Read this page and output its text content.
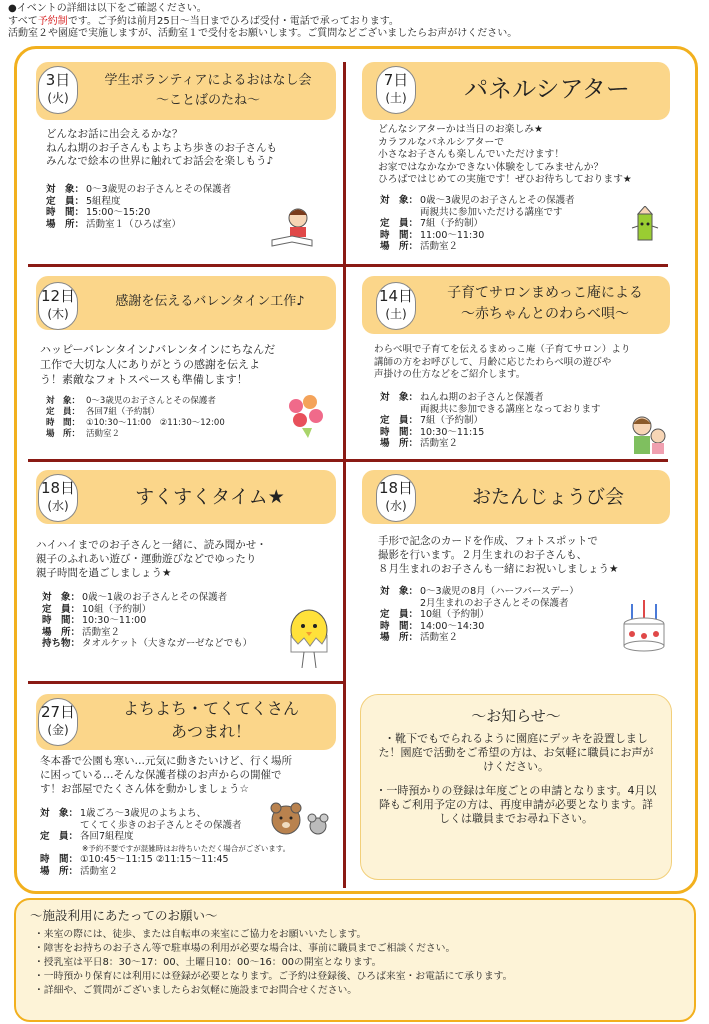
●イベントの詳細は以下をご確認ください。
すべて予約制です。ご予約は前月25日～当日までひろば受付・電話で承っております。
活動室２や園庭で実施しますが、活動室１で受付をお願いします。ご質問などございましたらお声がけください。
3日
(火)
学生ボランティアによるおはなし会
～ことばのたね～
どんなお話に出会えるかな？
ねんね期のお子さんもよちよち歩きのお子さんも
みんなで絵本の世界に触れてお話会を楽しもう♪
対　象： 0～3歳児のお子さんとその保護者
定　員： 5組程度
時　間： 15:00～15:20
場　所： 活動室１（ひろば室）
7日
(土)	パネルシアター
どんなシアターかは当日のお楽しみ★
カラフルなパネルシアターで
小さなお子さんも楽しんでいただけます！
お家ではなかなかできない体験をしてみませんか？
ひろばではじめての実施です！ぜひお待ちしております★
対　象： 0歳～3歳児のお子さんとその保護者
両親共に参加いただける講座です
定　員： 7組（予約制）
時　間： 11:00～11:30
場　所： 活動室２
12日
(木)
感謝を伝えるバレンタイン工作♪
ハッピーバレンタイン♪バレンタインにちなんだ
工作で大切な人にありがとうの感謝を伝えよ
う！素敵なフォトスペースも準備します！
対　象： 0～3歳児のお子さんとその保護者
定　員： 各回7組（予約制）
時　間： ①10:30～11:00　②11:30～12:00
場　所： 活動室２
14日
(土)
子育てサロンまめっこ庵による
～赤ちゃんとのわらべ唄～
わらべ唄で子育てを伝えるまめっこ庵（子育てサロン）より
講師の方をお呼びして、月齢に応じたわらべ唄の遊びや
声掛けの仕方などをご紹介します。
対　象： ねんね期のお子さんと保護者
両親共に参加できる講座となっております
定　員： 7組（予約制）
時　間： 10:30～11:15
場　所： 活動室２
18日
(水)	すくすくタイム★
ハイハイまでのお子さんと一緒に、読み聞かせ・
親子のふれあい遊び・運動遊びなどでゆったり
親子時間を過ごしましょう★
対　象： 0歳～1歳のお子さんとその保護者
定　員： 10組（予約制）
時　間： 10:30～11:00
場　所： 活動室２
持ち物： タオルケット（大きなガーゼなどでも）
18日
(水)	おたんじょうび会
手形で記念のカードを作成、フォトスポットで
撮影を行います。２月生まれのお子さんも、
８月生まれのお子さんも一緒にお祝いしましょう★
対　象： 0～3歳児の8月（ハーフバースデー）
2月生まれのお子さんとその保護者
定　員： 10組（予約制）
時　間： 14:00～14:30
場　所： 活動室２
27日
(金)
よちよち・てくてくさん
あつまれ！
冬本番で公園も寒い…元気に動きたいけど、行く場所
に困っている…そんな保護者様のお声からの開催で
す！お部屋でたくさん体を動かしましょう☆
対　象： 1歳ごろ～3歳児のよちよち、
てくてく歩きのお子さんとその保護者
定　員： 各回7組程度
※予約不要ですが混雑時はお待ちいただく場合がございます。
時　間： ①10:45～11:15 ②11:15～11:45
場　所： 活動室２
～お知らせ～

・靴下でもでられるように園庭にデッキを設置しました！園庭で活動をご希望の方は、お気軽に職員にお声がけください。

・一時預かりの登録は年度ごとの申請となります。4月以降もご利用予定の方は、再度申請が必要となります。詳しくは職員までお尋ね下さい。

～施設利用にあたってのお願い～
・ 来室の際には、徒歩、または自転車の来室にご協力をお願いいたします。
・ 障害をお持ちのお子さん等で駐車場の利用が必要な場合は、事前に職員までご相談ください。
・ 授乳室は平日8：30～17：00、土曜日10：00～16：00の開室となります。
・ 一時預かり保育には利用には登録が必要となります。ご予約は登録後、ひろば来室・お電話にて承ります。
・ 詳細や、ご質問がございましたらお気軽に施設までお問合せください。
